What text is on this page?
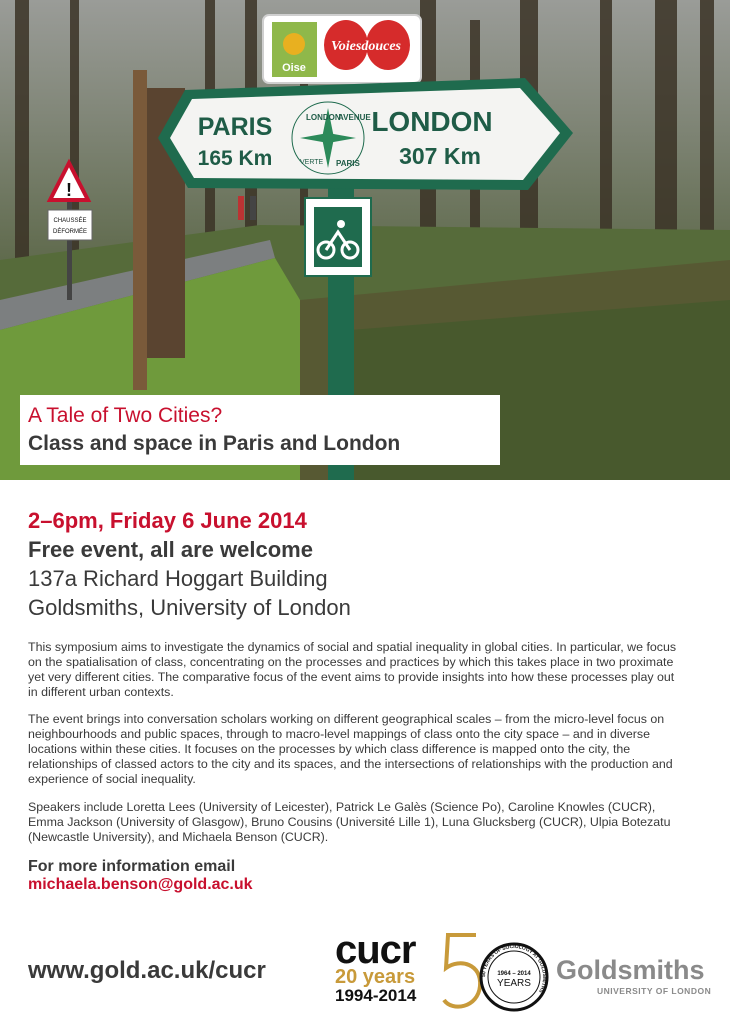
!
CHAUSSÉE
DÉFORMÉE
Oise
Voiesdouces
PARIS
165 Km
LONDON
307 Km
LONDON
AVENUE
VERTE PARIS
A Tale of Two Cities?
Class and space in Paris and London
2–6pm, Friday 6 June 2014
Free event, all are welcome
137a Richard Hoggart Building
Goldsmiths, University of London

This symposium aims to investigate the dynamics of social and spatial inequality in global cities. In particular, we focus on the spatialisation of class, concentrating on the processes and practices by which this takes place in two proximate yet very different cities. The comparative focus of the event aims to provide insights into how these processes play out in different urban contexts.

The event brings into conversation scholars working on different geographical scales – from the micro-level focus on neighbourhoods and public spaces, through to macro-level mappings of class onto the city space – and in diverse locations within these cities. It focuses on the processes by which class difference is mapped onto the city, the relationships of classed actors to the city and its spaces, and the intersections of relationships with the production and experience of social inequality.

Speakers include Loretta Lees (University of Leicester), Patrick Le Galès (Science Po), Caroline Knowles (CUCR), Emma Jackson (University of Glasgow), Bruno Cousins (Université Lille 1), Luna Glucksberg (CUCR), Ulpia Botezatu (Newcastle University), and Michaela Benson (CUCR).

For more information email
michaela.benson@gold.ac.uk
www.gold.ac.uk/cucr cucr
20 years
1994-2014
50 YEARS OF SOCIOLOGY AT GOLDSMITHS
1964 – 2014
YEARS Goldsmiths
UNIVERSITY OF LONDON
